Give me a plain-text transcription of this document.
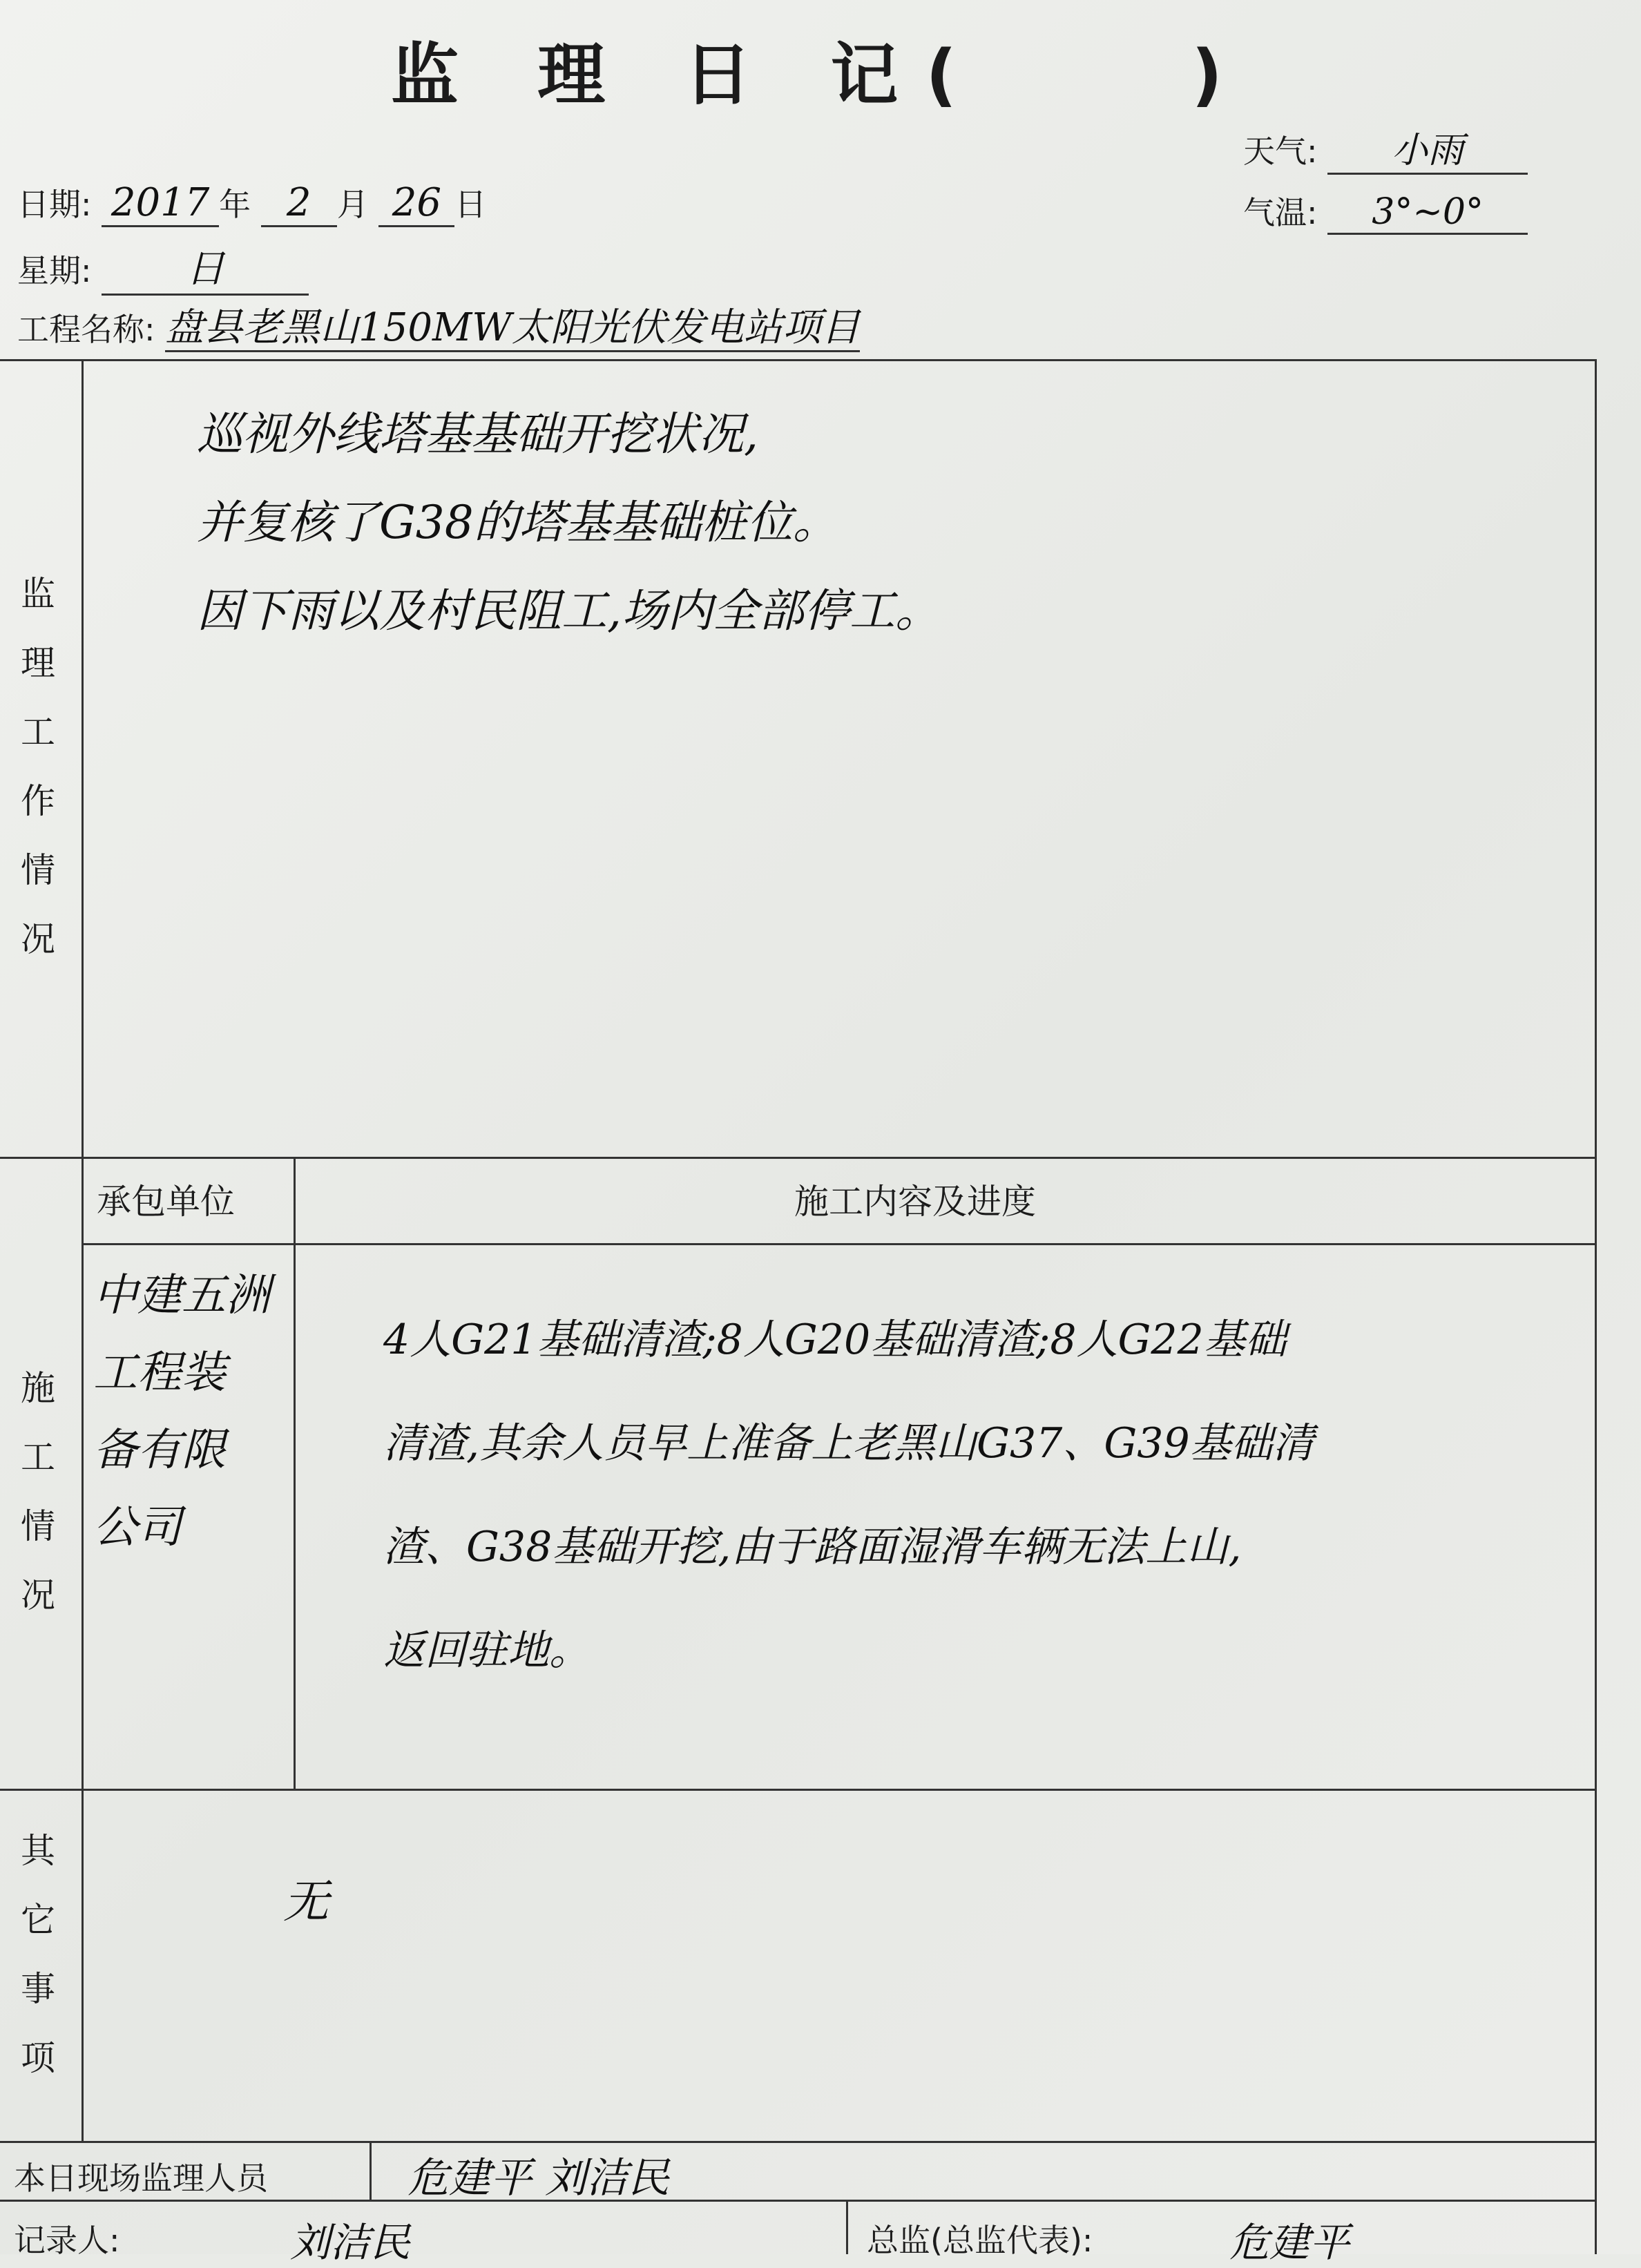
监 理 日 记(	)
天气: 小雨
气温: 3°~0°
日期: 2017 年 2 月 26 日
星期: 日
工程名称: 盘县老黑山150MW太阳光伏发电站项目
监
理
工
作
情
况
巡视外线塔基基础开挖状况,
并复核了G38的塔基基础桩位。
因下雨以及村民阻工,场内全部停工。
施
工
情
况
承包单位	施工内容及进度
中建五洲
工程装
备有限
公司
4人G21基础清渣;8人G20基础清渣;8人G22基础
清渣,其余人员早上准备上老黑山G37、G39基础清
渣、G38基础开挖,由于路面湿滑车辆无法上山,
返回驻地。
其
它
事
项
无
本日现场监理人员	危建平 刘洁民
记录人:	刘洁民	总监(总监代表):	危建平
